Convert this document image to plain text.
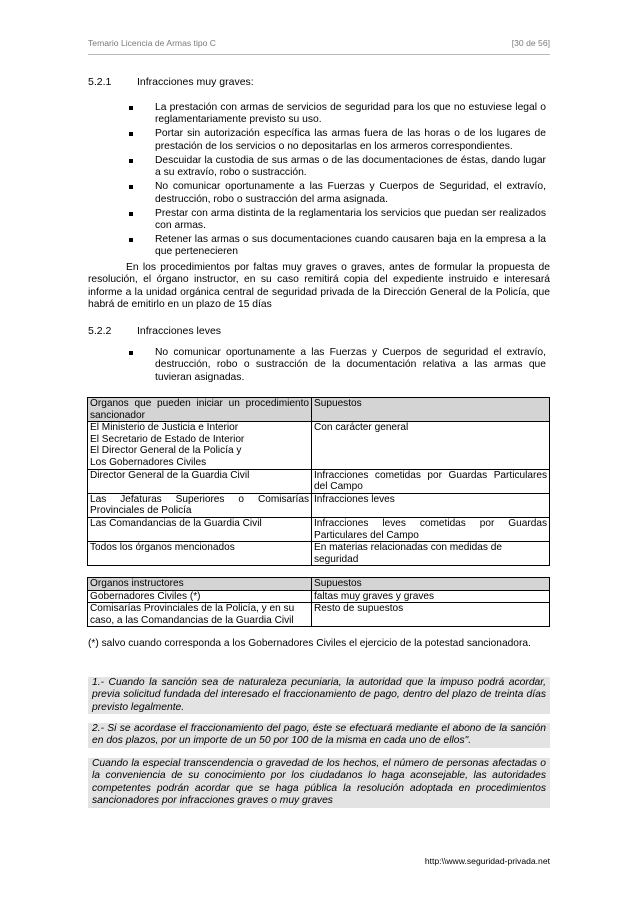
Temario Licencia de Armas tipo C	[30 de 56]
5.2.1 Infracciones muy graves:
La prestación con armas de servicios de seguridad para los que no estuviese legal o reglamentariamente previsto su uso.
Portar sin autorización específica las armas fuera de las horas o de los lugares de prestación de los servicios o no depositarlas en los armeros correspondientes.
Descuidar la custodia de sus armas o de las documentaciones de éstas, dando lugar a su extravío, robo o sustracción.
No comunicar oportunamente a las Fuerzas y Cuerpos de Seguridad, el extravío, destrucción, robo o sustracción del arma asignada.
Prestar con arma distinta de la reglamentaria los servicios que puedan ser realizados con armas.
Retener las armas o sus documentaciones cuando causaren baja en la empresa a la que pertenecieren

En los procedimientos por faltas muy graves o graves, antes de formular la propuesta de resolución, el órgano instructor, en su caso remitirá copia del expediente instruido e interesará informe a la unidad orgánica central de seguridad privada de la Dirección General de la Policía, que habrá de emitirlo en un plazo de 15 días

5.2.2 Infracciones leves
No comunicar oportunamente a las Fuerzas y Cuerpos de seguridad el extravío, destrucción, robo o sustracción de la documentación relativa a las armas que tuvieran asignadas.
Órganos que pueden iniciar un procedimiento sancionador	Supuestos

El Ministerio de Justicia e Interior
El Secretario de Estado de Interior
El Director General de la Policía y
Los Gobernadores Civiles	Con carácter general
Director General de la Guardia Civil	Infracciones cometidas por Guardas Particulares del Campo
Las Jefaturas Superiores o Comisarías Provinciales de Policía	Infracciones leves
Las Comandancias de la Guardia Civil	Infracciones leves cometidas por Guardas Particulares del Campo
Todos los órganos mencionados	En materias relacionadas con medidas de seguridad
Órganos instructores	Supuestos
Gobernadores Civiles (*)	faltas muy graves y graves
Comisarías Provinciales de la Policía, y en su caso, a las Comandancias de la Guardia Civil	Resto de supuestos

(*) salvo cuando corresponda a los Gobernadores Civiles el ejercicio de la potestad sancionadora.

1.- Cuando la sanción sea de naturaleza pecuniaria, la autoridad que la impuso podrá acordar, previa solicitud fundada del interesado el fraccionamiento de pago, dentro del plazo de treinta días previsto legalmente.

2.- Si se acordase el fraccionamiento del pago, éste se efectuará mediante el abono de la sanción en dos plazos, por un importe de un 50 por 100 de la misma en cada uno de ellos".

Cuando la especial transcendencia o gravedad de los hechos, el número de personas afectadas o la conveniencia de su conocimiento por los ciudadanos lo haga aconsejable, las autoridades competentes podrán acordar que se haga pública la resolución adoptada en procedimientos sancionadores por infracciones graves o muy graves

http:\\www.seguridad-privada.net
